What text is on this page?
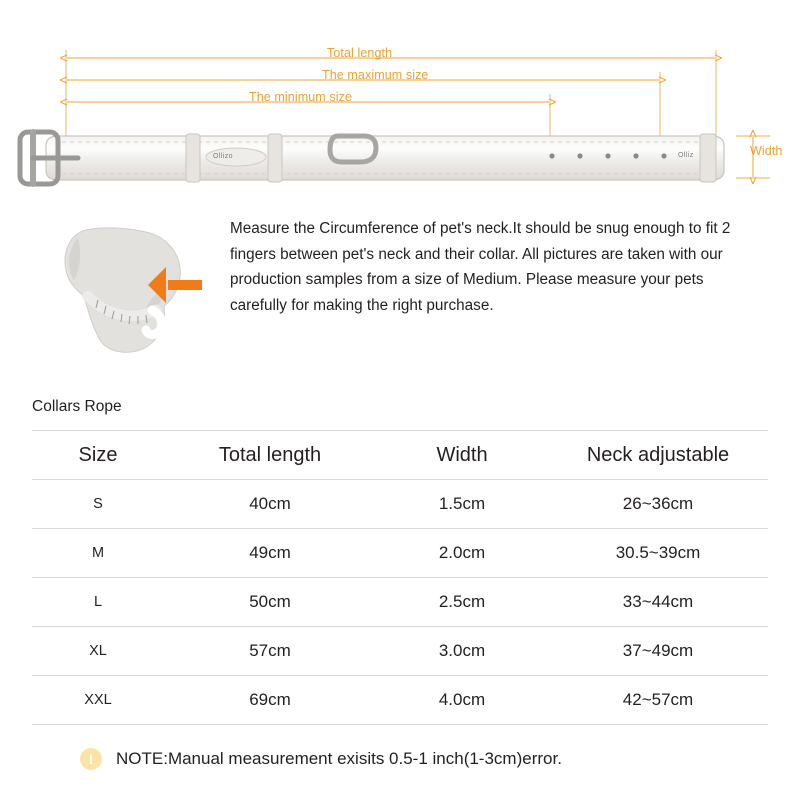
Total length
The maximum size
The minimum size
Width
Ollizo	Olliz
Measure the Circumference of pet's neck.It should be snug enough to fit 2 fingers between pet's neck and their collar. All pictures are taken with our production samples from a size of Medium. Please measure your pets carefully for making the right purchase.
Collars Rope
Size	Total length	Width	Neck adjustable
S	40cm	1.5cm	26~36cm
M	49cm	2.0cm	30.5~39cm
L	50cm	2.5cm	33~44cm
XL	57cm	3.0cm	37~49cm
XXL	69cm	4.0cm	42~57cm
!	NOTE:Manual measurement exisits 0.5-1 inch(1-3cm)error.
